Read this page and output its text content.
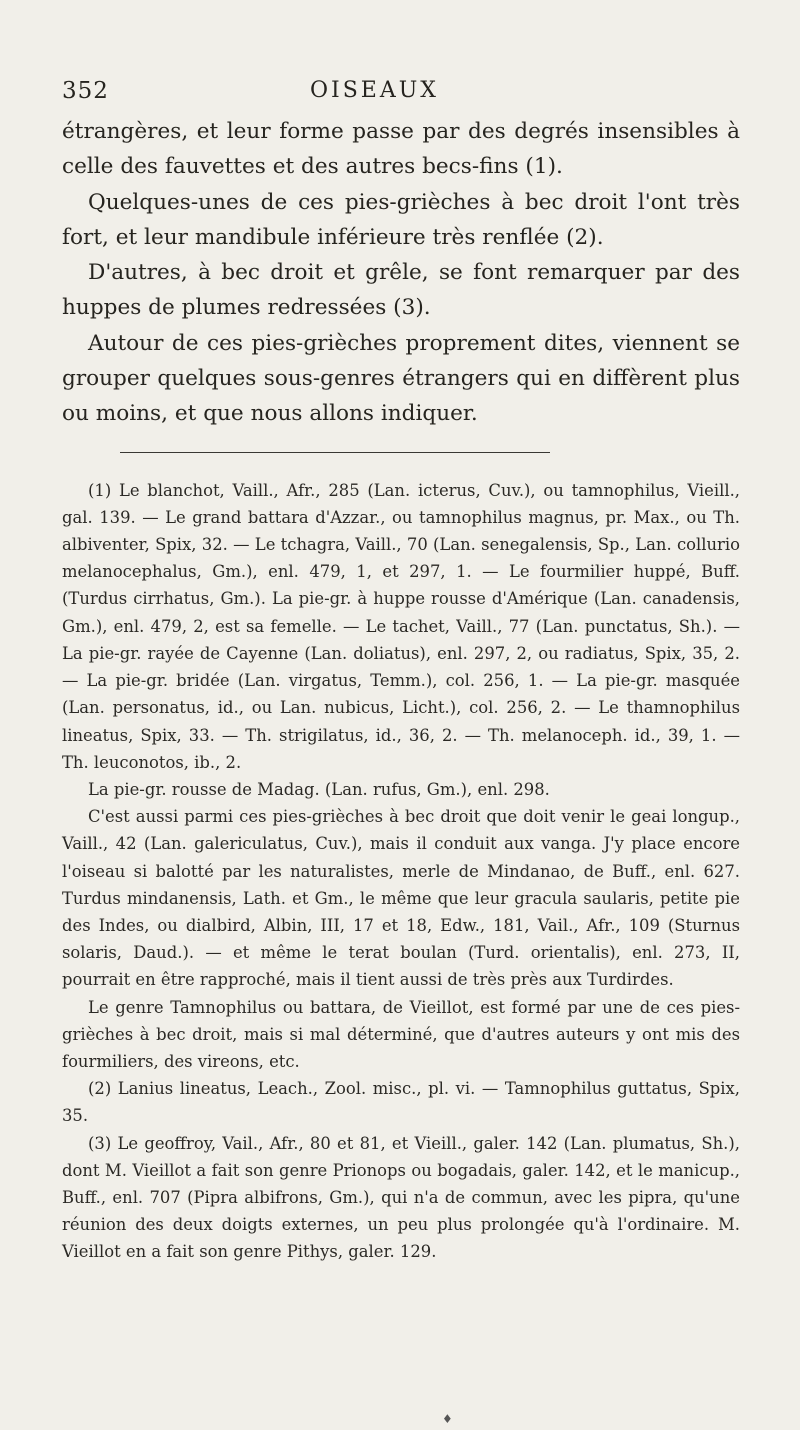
352	OISEAUX

étrangères, et leur forme passe par des degrés insensibles à celle des fauvettes et des autres becs-fins (1).

Quelques-unes de ces pies-grièches à bec droit l'ont très fort, et leur mandibule inférieure très renflée (2).

D'autres, à bec droit et grêle, se font remarquer par des huppes de plumes redressées (3).

Autour de ces pies-grièches proprement dites, viennent se grouper quelques sous-genres étrangers qui en diffèrent plus ou moins, et que nous allons indiquer.

(1) Le blanchot, Vaill., Afr., 285 (Lan. icterus, Cuv.), ou tamnophilus, Vieill., gal. 139. — Le grand battara d'Azzar., ou tamnophilus magnus, pr. Max., ou Th. albiventer, Spix, 32. — Le tchagra, Vaill., 70 (Lan. senegalensis, Sp., Lan. collurio melanocephalus, Gm.), enl. 479, 1, et 297, 1. — Le fourmilier huppé, Buff. (Turdus cirrhatus, Gm.). La pie-gr. à huppe rousse d'Amérique (Lan. canadensis, Gm.), enl. 479, 2, est sa femelle. — Le tachet, Vaill., 77 (Lan. punctatus, Sh.). — La pie-gr. rayée de Cayenne (Lan. doliatus), enl. 297, 2, ou radiatus, Spix, 35, 2. — La pie-gr. bridée (Lan. virgatus, Temm.), col. 256, 1. — La pie-gr. masquée (Lan. personatus, id., ou Lan. nubicus, Licht.), col. 256, 2. — Le thamnophilus lineatus, Spix, 33. — Th. strigilatus, id., 36, 2. — Th. melanoceph. id., 39, 1. — Th. leuconotos, ib., 2.

La pie-gr. rousse de Madag. (Lan. rufus, Gm.), enl. 298.

C'est aussi parmi ces pies-grièches à bec droit que doit venir le geai longup., Vaill., 42 (Lan. galericulatus, Cuv.), mais il conduit aux vanga. J'y place encore l'oiseau si balotté par les naturalistes, merle de Mindanao, de Buff., enl. 627. Turdus mindanensis, Lath. et Gm., le même que leur gracula saularis, petite pie des Indes, ou dialbird, Albin, III, 17 et 18, Edw., 181, Vail., Afr., 109 (Sturnus solaris, Daud.). — et même le terat boulan (Turd. orientalis), enl. 273, II, pourrait en être rapproché, mais il tient aussi de très près aux Turdirdes.

Le genre Tamnophilus ou battara, de Vieillot, est formé par une de ces pies-grièches à bec droit, mais si mal déterminé, que d'autres auteurs y ont mis des fourmiliers, des vireons, etc.

(2) Lanius lineatus, Leach., Zool. misc., pl. vi. — Tamnophilus guttatus, Spix, 35.

(3) Le geoffroy, Vail., Afr., 80 et 81, et Vieill., galer. 142 (Lan. plumatus, Sh.), dont M. Vieillot a fait son genre Prionops ou bogadais, galer. 142, et le manicup., Buff., enl. 707 (Pipra albifrons, Gm.), qui n'a de commun, avec les pipra, qu'une réunion des deux doigts externes, un peu plus prolongée qu'à l'ordinaire. M. Vieillot en a fait son genre Pithys, galer. 129.

♦
